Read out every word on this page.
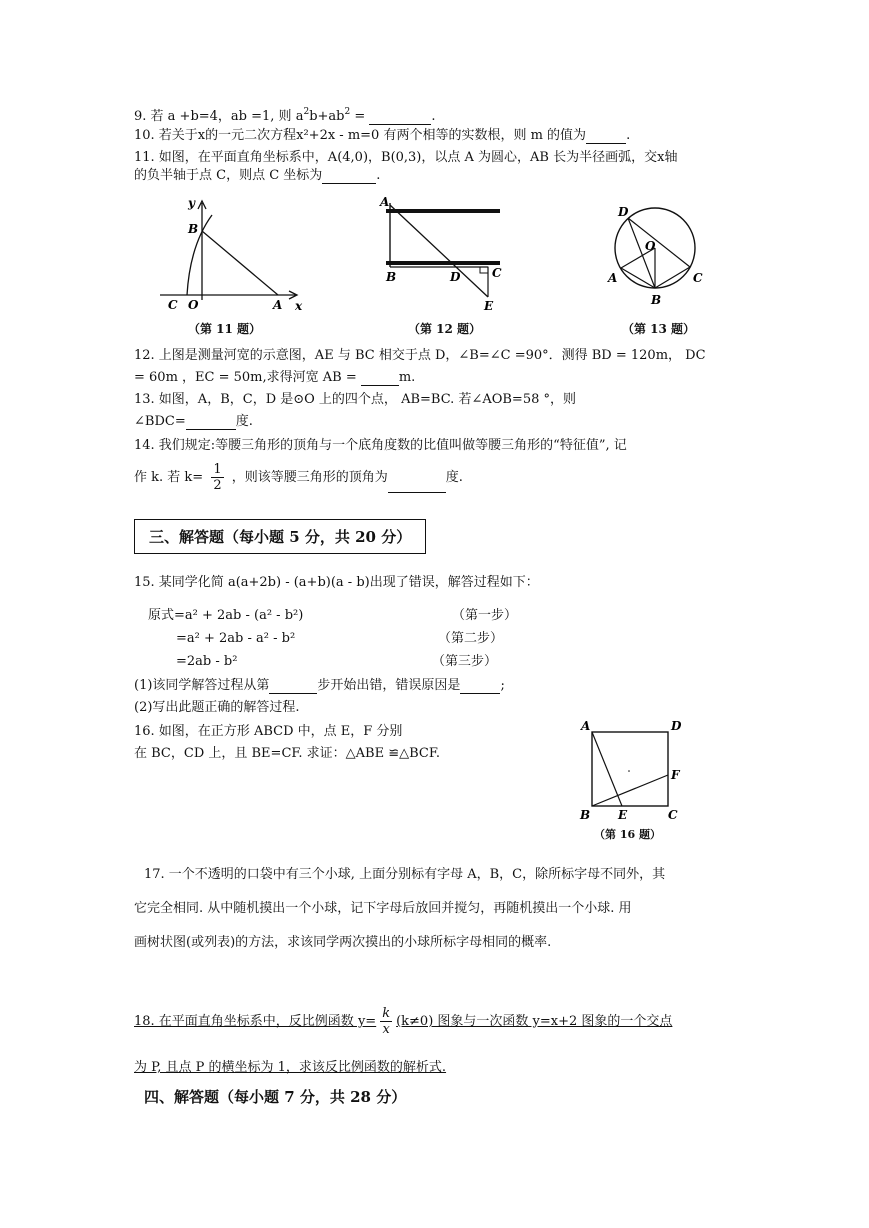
9. 若 a +b=4，ab =1, 则 $a^2b+ab^2$ =	.
10. 若关于x的一元二次方程x²+2x - m=0 有两个相等的实数根，则 m 的值为	.
11. 如图，在平面直角坐标系中，A(4,0)，B(0,3)，以点 A 为圆心，AB 长为半径画弧，交x轴
的负半轴于点 C，则点 C 坐标为	.
y
B
C O	A x
（第 11 题）
A
B	D	C
E
（第 12 题）
D
O
A
B
C
（第 13 题）
12. 上图是测量河宽的示意图，AE 与 BC 相交于点 D，∠B=∠C =90°．测得 BD = 120m， DC
= 60m ，EC = 50m,求得河宽 AB =	m.
13. 如图，A，B，C，D 是⊙O 上的四个点， AB=BC. 若∠AOB=58 °，则
∠BDC=	度.
14. 我们规定:等腰三角形的顶角与一个底角度数的比值叫做等腰三角形的“特征值”, 记
作 k. 若 $k= \frac{1}{2}$ ，则该等腰三角形的顶角为	度.
三、解答题（每小题 5 分，共 20 分）
15. 某同学化简 a(a+2b) - (a+b)(a - b)出现了错误，解答过程如下：
原式=a² + 2ab - (a² - b²)	（第一步）
=a² + 2ab - a² - b²	（第二步）
=2ab - b²	（第三步）
(1)该同学解答过程从第	步开始出错，错误原因是	;
(2)写出此题正确的解答过程.
16. 如图，在正方形 ABCD 中，点 E，F 分别
在 BC，CD 上，且 BE=CF. 求证：△ABE ≌△BCF.
A	D
F
B E	C
（第 16 题）
17. 一个不透明的口袋中有三个小球, 上面分别标有字母 A，B，C，除所标字母不同外，其
它完全相同. 从中随机摸出一个小球，记下字母后放回并搅匀，再随机摸出一个小球. 用
画树状图(或列表)的方法，求该同学两次摸出的小球所标字母相同的概率.
18. 在平面直角坐标系中，反比例函数 $y= \frac{k}{x} (k\ne 0)$ 图象与一次函数 y=x+2 图象的一个交点
为 P, 且点 P 的横坐标为 1，求该反比例函数的解析式.
四、解答题（每小题 7 分，共 28 分）
